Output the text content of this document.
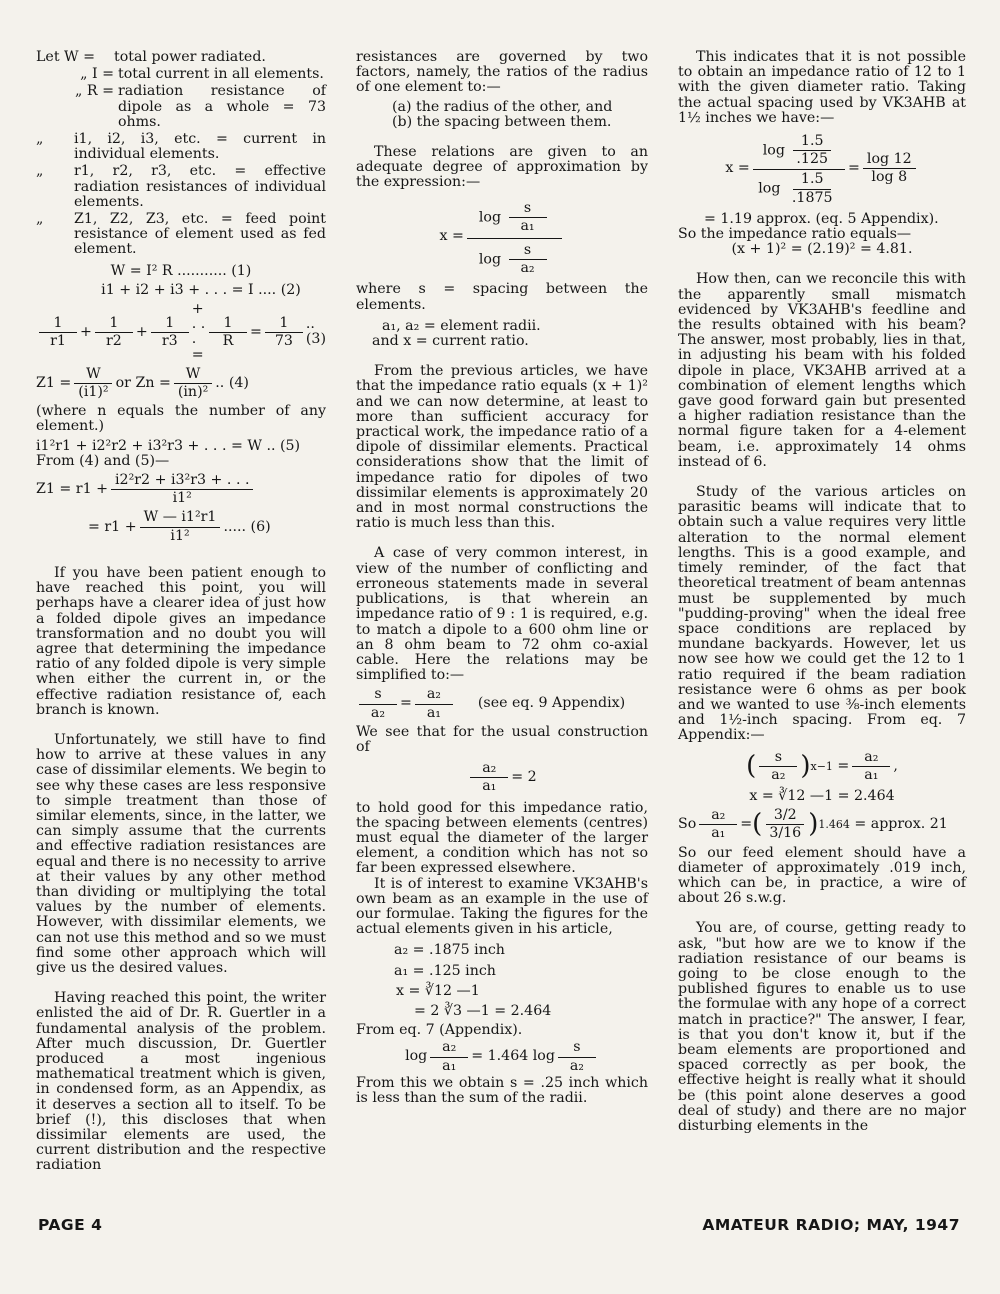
Let W =	total power radiated.
„ I = total current in all elements.
„ R = radiation resistance of dipole as a whole = 73 ohms.
„	i1, i2, i3, etc. = current in individual elements.
„	r1, r2, r3, etc. = effective radiation resistances of individual elements.
„	Z1, Z2, Z3, etc. = feed point resistance of element used as fed element.

W = I² R ........... (1)

i1 + i2 + i3 + . . . = I .... (2)

$\frac{1}{r1} + \frac{1}{r2} + \frac{1}{r3}$
+ . . . =
$\frac{1}{R} = \frac{1}{73}$ .. (3)
$Z1 = \frac{W}{\text{(i1)²}}$ or $Zn = \frac{W}{\text{(in)²}}$ .. (4)

(where n equals the number of any element.)

i1²r1 + i2²r2 + i3²r3 + . . . = W .. (5)

From (4) and (5)—

$Z1 = r1 + \frac{\text{i2²r2 + i3²r3 + . . .}}{\text{i1²}}$
= $r1 + \frac{\text{W — i1²r1}}{\text{i1²}}$ ..... (6)

If you have been patient enough to have reached this point, you will perhaps have a clearer idea of just how a folded dipole gives an impedance transformation and no doubt you will agree that determining the impedance ratio of any folded dipole is very simple when either the current in, or the effective radiation resistance of, each branch is known.

Unfortunately, we still have to find how to arrive at these values in any case of dissimilar elements. We begin to see why these cases are less responsive to simple treatment than those of similar elements, since, in the latter, we can simply assume that the currents and effective radiation resistances are equal and there is no necessity to arrive at their values by any other method than dividing or multiplying the total values by the number of elements. However, with dissimilar elements, we can not use this method and so we must find some other approach which will give us the desired values.

Having reached this point, the writer enlisted the aid of Dr. R. Guertler in a fundamental analysis of the problem. After much discussion, Dr. Guertler produced a most ingenious mathematical treatment which is given, in condensed form, as an Appendix, as it deserves a section all to itself. To be brief (!), this discloses that when dissimilar elements are used, the current distribution and the respective radiation

resistances are governed by two factors, namely, the ratios of the radius of one element to:—

(a) the radius of the other, and

(b) the spacing between them.

These relations are given to an adequate degree of approximation by the expression:—

$x = \frac{\log \frac{s}{\text{a₁}}}{\log \frac{s}{\text{a₂}}}$

where s = spacing between the elements.

a₁, a₂ = element radii.

and x = current ratio.

From the previous articles, we have that the impedance ratio equals (x + 1)² and we can now determine, at least to more than sufficient accuracy for practical work, the impedance ratio of a dipole of dissimilar elements. Practical considerations show that the limit of impedance ratio for dipoles of two dissimilar elements is approximately 20 and in most normal constructions the ratio is much less than this.

A case of very common interest, in view of the number of conflicting and erroneous statements made in several publications, is that wherein an impedance ratio of 9 : 1 is required, e.g. to match a dipole to a 600 ohm line or an 8 ohm beam to 72 ohm co-axial cable. Here the relations may be simplified to:—

$\frac{s}{\text{a₂}} = \frac{\text{a₂}}{\text{a₁}} (see$ eq. 9 Appendix)

We see that for the usual construction of

$\frac{\text{a₂}}{\text{a₁}} = 2$

to hold good for this impedance ratio, the spacing between elements (centres) must equal the diameter of the larger element, a condition which has not so far been expressed elsewhere.

It is of interest to examine VK3AHB's own beam as an example in the use of our formulae. Taking the figures for the actual elements given in his article,

a₂ = .1875 inch

a₁ = .125 inch

x = ∛12 —1

= 2 ∛3 —1 = 2.464

From eq. 7 (Appendix).

$\log \frac{\text{a₂}}{\text{a₁}} = 1.464$ $\log \frac{s}{\text{a₂}}$

From this we obtain s = .25 inch which is less than the sum of the radii.

This indicates that it is not possible to obtain an impedance ratio of 12 to 1 with the given diameter ratio. Taking the actual spacing used by VK3AHB at 1½ inches we have:—

$x = \frac{\log \frac{1.5}{.125}}{\log \frac{1.5}{.1875}} = \frac{\log 12}{\log 8}$

= 1.19 approx. (eq. 5 Appendix).

So the impedance ratio equals—

(x + 1)² = (2.19)² = 4.81.

How then, can we reconcile this with the apparently small mismatch evidenced by VK3AHB's feedline and the results obtained with his beam? The answer, most probably, lies in that, in adjusting his beam with his folded dipole in place, VK3AHB arrived at a combination of element lengths which gave good forward gain but presented a higher radiation resistance than the normal figure taken for a 4-element beam, i.e. approximately 14 ohms instead of 6.

Study of the various articles on parasitic beams will indicate that to obtain such a value requires very little alteration to the normal element lengths. This is a good example, and timely reminder, of the fact that theoretical treatment of beam antennas must be supplemented by much "pudding-proving" when the ideal free space conditions are replaced by mundane backyards. However, let us now see how we could get the 12 to 1 ratio required if the beam radiation resistance were 6 ohms as per book and we wanted to use ⅜-inch elements and 1½-inch spacing. From eq. 7 Appendix:—

( $\frac{s}{\text{a₂}}$ ) $x-1 = \frac{\text{a₂}}{\text{a₁}}$ ,

x = ∛12 —1 = 2.464

So $\frac{\text{a₂}}{\text{a₁}}$ = ( $\frac{3/2}{3/16}$ ) 1.464
= approx. 21

So our feed element should have a diameter of approximately .019 inch, which can be, in practice, a wire of about 26 s.w.g.

You are, of course, getting ready to ask, "but how are we to know if the radiation resistance of our beams is going to be close enough to the published figures to enable us to use the formulae with any hope of a correct match in practice?" The answer, I fear, is that you don't know it, but if the beam elements are proportioned and spaced correctly as per book, the effective height is really what it should be (this point alone deserves a good deal of study) and there are no major disturbing elements in the

PAGE 4	AMATEUR RADIO; MAY, 1947
